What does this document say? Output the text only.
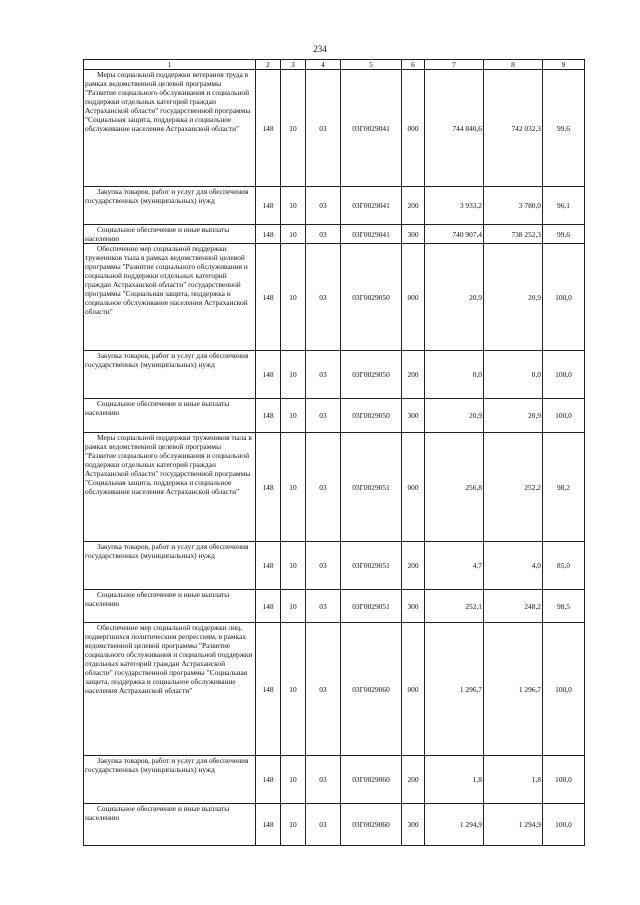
234
1	2	3	4	5	6	7	8	9
Меры социальной поддержки ветеранов труда в рамках ведомственной целевой программы "Развитие социального обслуживания и социальной поддержки отдельных категорий граждан Астраханской области" государственной программы "Социальная защита, поддержка и социальное обслуживание населения Астраханской области"	148	10	03	03Г0029041	000	744 840,6	742 032,3	99,6
Закупка товаров, работ и услуг для обеспечения государственных (муниципальных) нужд	148	10	03	03Г0029041	200	3 933,2	3 780,0	96,1
Социальное обеспечение и иные выплаты населению	148	10	03	03Г0029041	300	740 907,4	738 252,3	99,6
Обеспечение мер социальной поддержки тружеников тыла в рамках ведомственной целевой программы "Развитие социального обслуживания и социальной поддержки отдельных категорий граждан Астраханской области" государственной программы "Социальная защита, поддержка и социальное обслуживание населения Астраханской области"	148	10	03	03Г0029050	000	20,9	20,9	100,0
Закупка товаров, работ и услуг для обеспечения государственных (муниципальных) нужд	148	10	03	03Г0029050	200	0,0	0,0	100,0
Социальное обеспечение и иные выплаты населению	148	10	03	03Г0029050	300	20,9	20,9	100,0
Меры социальной поддержки тружеников тыла в рамках ведомственной целевой программы "Развитие социального обслуживания и социальной поддержки отдельных категорий граждан Астраханской области" государственной программы "Социальная защита, поддержка и социальное обслуживание населения Астраханской области"	148	10	03	03Г0029051	000	256,8	252,2	98,2
Закупка товаров, работ и услуг для обеспечения государственных (муниципальных) нужд	148	10	03	03Г0029051	200	4,7	4,0	85,0
Социальное обеспечение и иные выплаты населению	148	10	03	03Г0029051	300	252,1	248,2	98,5
Обеспечение мер социальной поддержки лиц, подвергшихся политическим репрессиям, в рамках ведомственной целевой программы "Развитие социального обслуживания и социальной поддержки отдельных категорий граждан Астраханской области" государственной программы "Социальная защита, поддержка и социальное обслуживание населения Астраханской области"	148	10	03	03Г0029060	000	1 296,7	1 296,7	100,0
Закупка товаров, работ и услуг для обеспечения государственных (муниципальных) нужд	148	10	03	03Г0029060	200	1,8	1,8	100,0
Социальное обеспечение и иные выплаты населению	148	10	03	03Г0029060	300	1 294,9	1 294,9	100,0
